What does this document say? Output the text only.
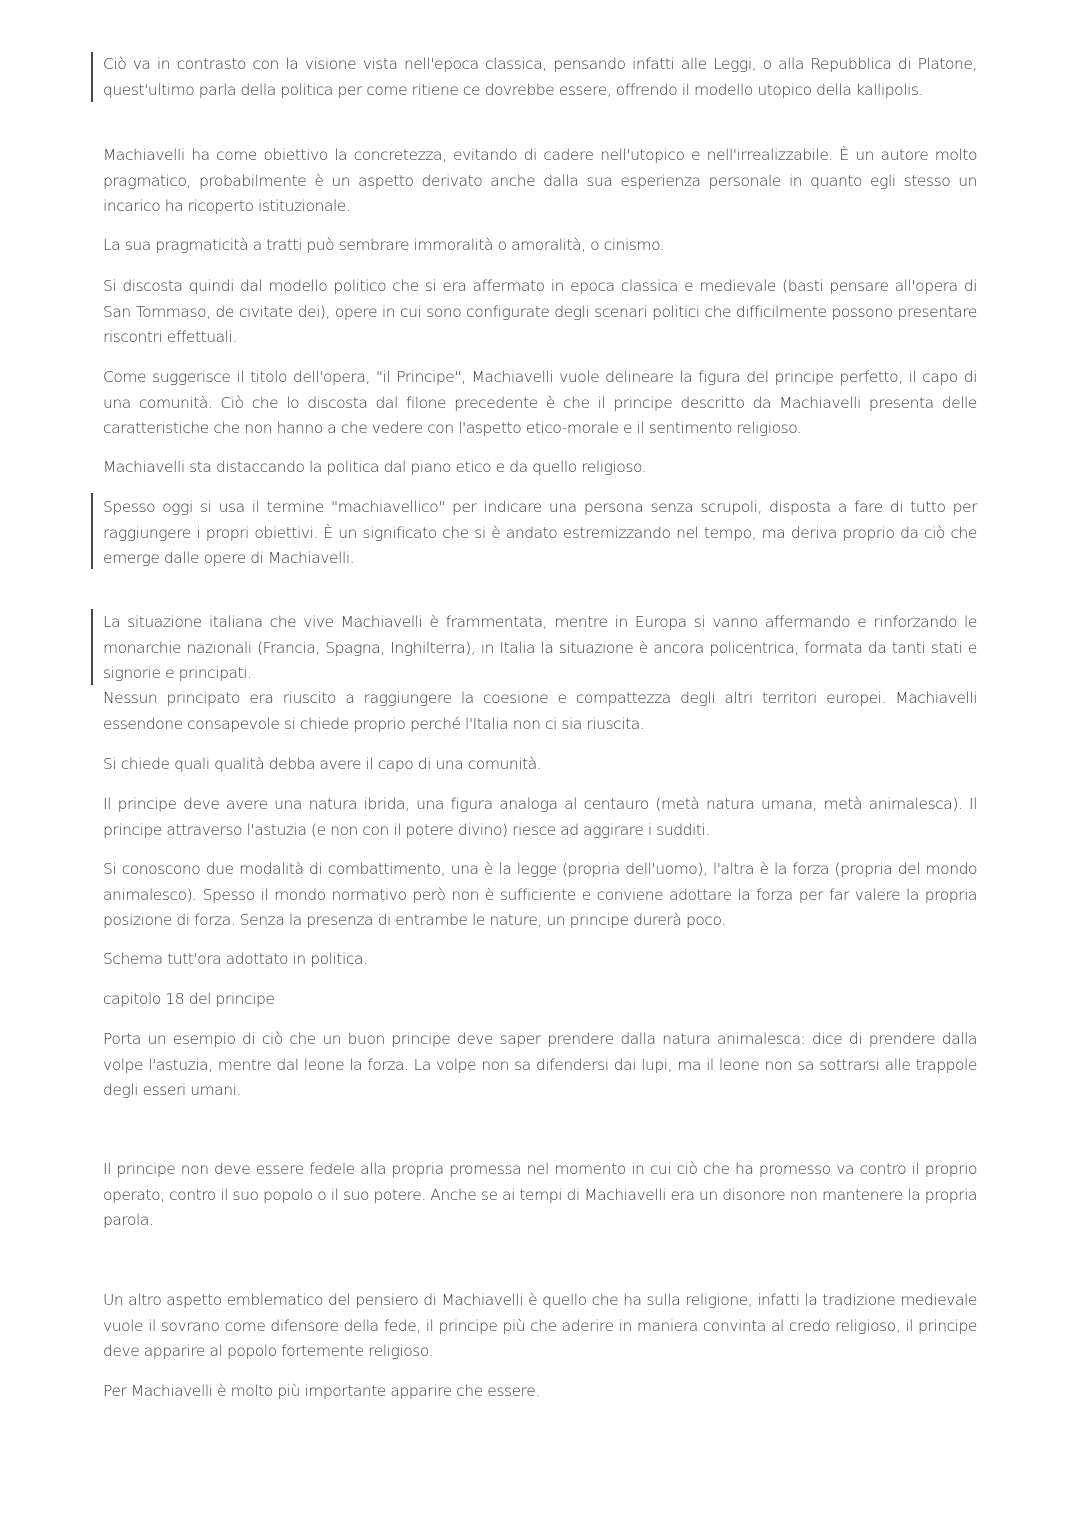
Ciò va in contrasto con la visione vista nell'epoca classica, pensando infatti alle Leggi, o alla Repubblica di Platone, quest'ultimo parla della politica per come ritiene ce dovrebbe essere, offrendo il modello utopico della kallipolis.

Machiavelli ha come obiettivo la concretezza, evitando di cadere nell'utopico e nell'irrealizzabile. È un autore molto pragmatico, probabilmente è un aspetto derivato anche dalla sua esperienza personale in quanto egli stesso un incarico ha ricoperto istituzionale.

La sua pragmaticità a tratti può sembrare immoralità o amoralità, o cinismo.

Si discosta quindi dal modello politico che si era affermato in epoca classica e medievale (basti pensare all'opera di San Tommaso, de civitate dei), opere in cui sono configurate degli scenari politici che difficilmente possono presentare riscontri effettuali.

Come suggerisce il titolo dell'opera, "il Principe", Machiavelli vuole delineare la figura del principe perfetto, il capo di una comunità. Ciò che lo discosta dal filone precedente è che il principe descritto da Machiavelli presenta delle caratteristiche che non hanno a che vedere con l'aspetto etico-morale e il sentimento religioso.

Machiavelli sta distaccando la politica dal piano etico e da quello religioso.

Spesso oggi si usa il termine "machiavellico" per indicare una persona senza scrupoli, disposta a fare di tutto per raggiungere i propri obiettivi. È un significato che si è andato estremizzando nel tempo, ma deriva proprio da ciò che emerge dalle opere di Machiavelli.

La situazione italiana che vive Machiavelli è frammentata, mentre in Europa si vanno affermando e rinforzando le monarchie nazionali (Francia, Spagna, Inghilterra), in Italia la situazione è ancora policentrica, formata da tanti stati e signorie e principati.

Nessun principato era riuscito a raggiungere la coesione e compattezza degli altri territori europei. Machiavelli essendone consapevole si chiede proprio perché l'Italia non ci sia riuscita.

Si chiede quali qualità debba avere il capo di una comunità.

Il principe deve avere una natura ibrida, una figura analoga al centauro (metà natura umana, metà animalesca). Il principe attraverso l'astuzia (e non con il potere divino) riesce ad aggirare i sudditi.

Si conoscono due modalità di combattimento, una è la legge (propria dell'uomo), l'altra è la forza (propria del mondo animalesco). Spesso il mondo normativo però non è sufficiente e conviene adottare la forza per far valere la propria posizione di forza. Senza la presenza di entrambe le nature, un principe durerà poco.

Schema tutt'ora adottato in politica.

capitolo 18 del principe

Porta un esempio di ciò che un buon principe deve saper prendere dalla natura animalesca: dice di prendere dalla volpe l'astuzia, mentre dal leone la forza. La volpe non sa difendersi dai lupi, ma il leone non sa sottrarsi alle trappole degli esseri umani.

Il principe non deve essere fedele alla propria promessa nel momento in cui ciò che ha promesso va contro il proprio operato, contro il suo popolo o il suo potere. Anche se ai tempi di Machiavelli era un disonore non mantenere la propria parola.

Un altro aspetto emblematico del pensiero di Machiavelli è quello che ha sulla religione, infatti la tradizione medievale vuole il sovrano come difensore della fede, il principe più che aderire in maniera convinta al credo religioso, il principe deve apparire al popolo fortemente religioso.

Per Machiavelli è molto più importante apparire che essere.
